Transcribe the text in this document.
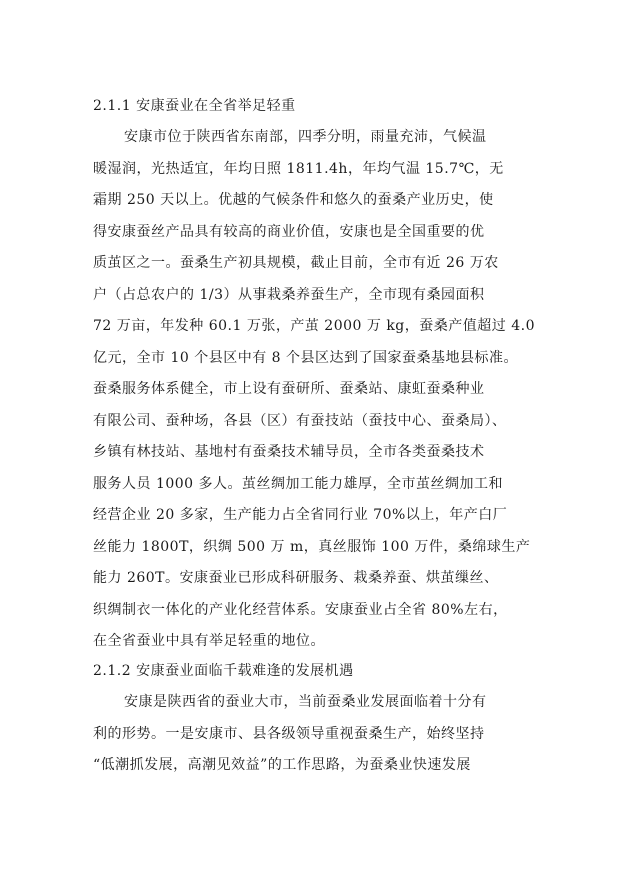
2.1.1 安康蚕业在全省举足轻重
安康市位于陕西省东南部，四季分明，雨量充沛，气候温
暖湿润，光热适宜，年均日照 1811.4h，年均气温 15.7℃，无
霜期 250 天以上。优越的气候条件和悠久的蚕桑产业历史，使
得安康蚕丝产品具有较高的商业价值，安康也是全国重要的优
质茧区之一。蚕桑生产初具规模，截止目前，全市有近 26 万农
户（占总农户的 1/3）从事栽桑养蚕生产，全市现有桑园面积
72 万亩，年发种 60.1 万张，产茧 2000 万 kg，蚕桑产值超过 4.0
亿元，全市 10 个县区中有 8 个县区达到了国家蚕桑基地县标准。
蚕桑服务体系健全，市上设有蚕研所、蚕桑站、康虹蚕桑种业
有限公司、蚕种场，各县（区）有蚕技站（蚕技中心、蚕桑局）、
乡镇有林技站、基地村有蚕桑技术辅导员，全市各类蚕桑技术
服务人员 1000 多人。茧丝绸加工能力雄厚，全市茧丝绸加工和
经营企业 20 多家，生产能力占全省同行业 70%以上，年产白厂
丝能力 1800T，织绸 500 万 m，真丝服饰 100 万件，桑绵球生产
能力 260T。安康蚕业已形成科研服务、栽桑养蚕、烘茧缫丝、
织绸制衣一体化的产业化经营体系。安康蚕业占全省 80%左右，
在全省蚕业中具有举足轻重的地位。
2.1.2 安康蚕业面临千载难逢的发展机遇
安康是陕西省的蚕业大市，当前蚕桑业发展面临着十分有
利的形势。一是安康市、县各级领导重视蚕桑生产，始终坚持
“低潮抓发展，高潮见效益”的工作思路，为蚕桑业快速发展
